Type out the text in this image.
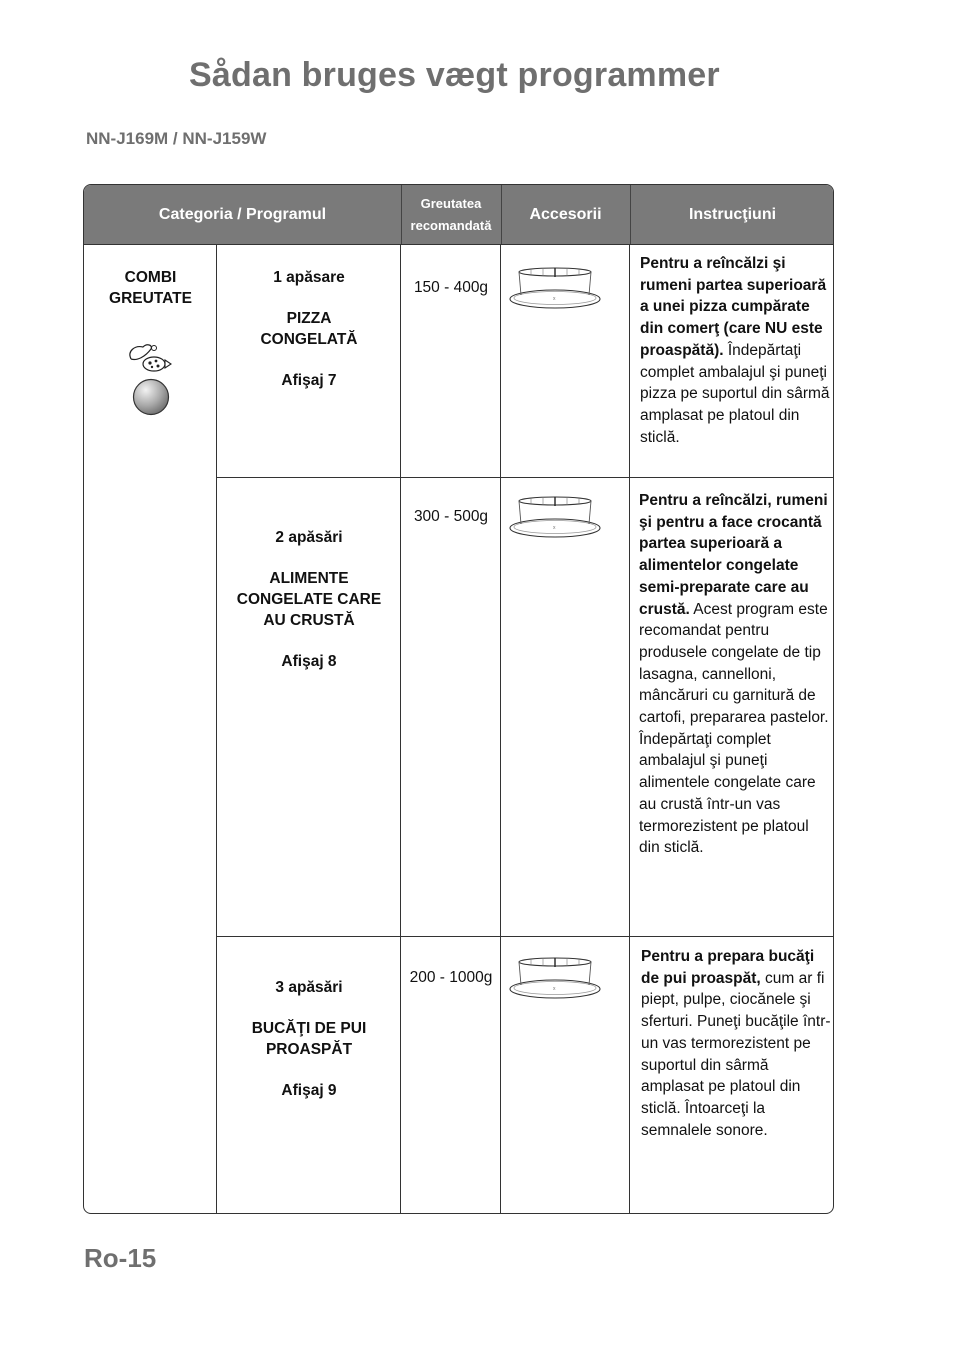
Sådan bruges vægt programmer
NN-J169M / NN-J159W
Categoria / Programul
Greutatea
recomandată
Accesorii	Instrucţiuni
COMBI
GREUTATE

1 apăsare

PIZZA
CONGELATĂ

Afişaj 7

150 - 400g
x
Pentru a reîncălzi şi rumeni partea superioară a unei pizza cumpărate din comerţ (care NU este proaspătă). Îndepărtaţi complet ambalajul şi puneţi pizza pe suportul din sârmă amplasat pe platoul din sticlă.

2 apăsări

ALIMENTE
CONGELATE CARE
AU CRUSTĂ

Afişaj 8

300 - 500g
x
Pentru a reîncălzi, rumeni şi pentru a face crocantă partea superioară a alimentelor congelate semi-preparate care au crustă. Acest program este recomandat pentru produsele congelate de tip lasagna, cannelloni, mâncăruri cu garnitură de cartofi, prepararea pastelor. Îndepărtaţi complet ambalajul şi puneţi alimentele congelate care au crustă într-un vas termorezistent pe platoul din sticlă.

3 apăsări

BUCĂŢI DE PUI
PROASPĂT

Afişaj 9

200 - 1000g
x
Pentru a prepara bucăţi de pui proaspăt, cum ar fi piept, pulpe, ciocănele şi sferturi. Puneţi bucăţile într-un vas termorezistent pe suportul din sârmă amplasat pe platoul din sticlă. Întoarceţi la semnalele sonore.
Ro-15
